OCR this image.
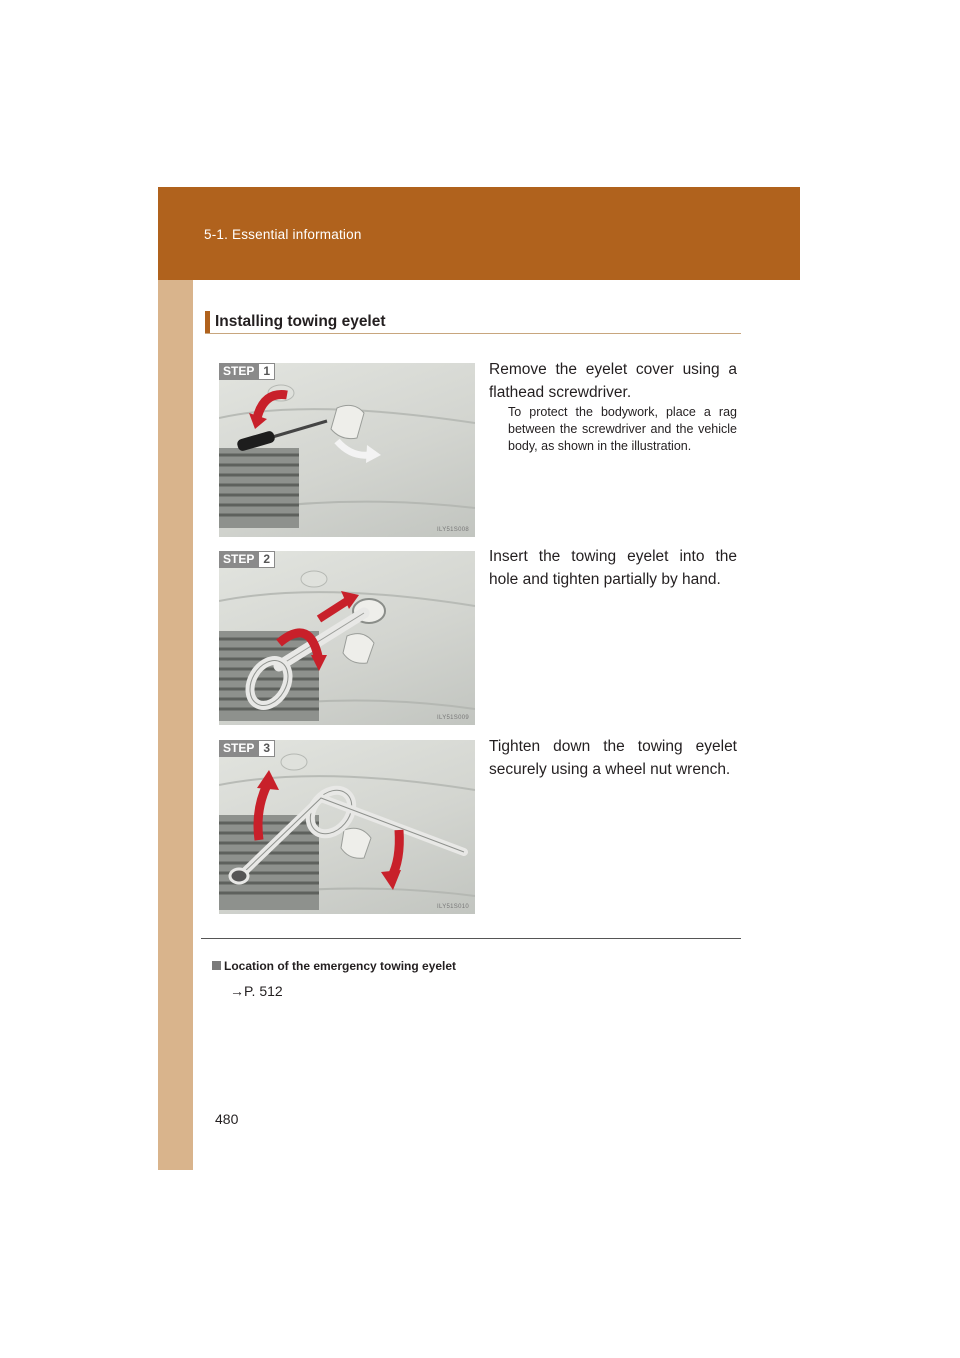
5-1. Essential information
480
Installing towing eyelet
STEP 1
ILY51S008
Remove the eyelet cover using a flathead screwdriver.
To protect the bodywork, place a rag between the screwdriver and the vehicle body, as shown in the illustration.
STEP 2
ILY51S009
Insert the towing eyelet into the hole and tighten partially by hand.
STEP 3
ILY51S010
Tighten down the towing eyelet securely using a wheel nut wrench.
Location of the emergency towing eyelet
→P. 512
